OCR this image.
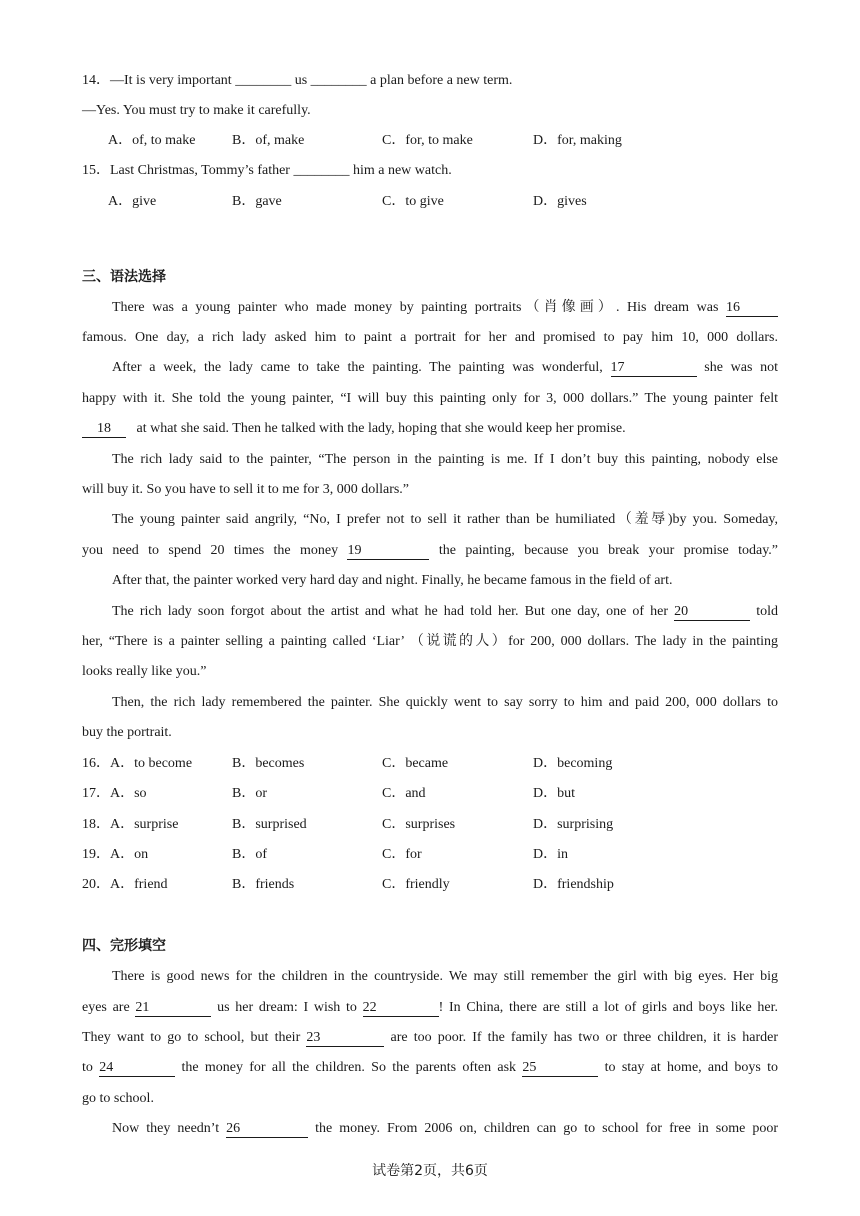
14．—It is very important ________ us ________ a plan before a new term.
—Yes. You must try to make it carefully.
A．of, to make	B．of, make	C．for, to make	D．for, making
15．Last Christmas, Tommy’s father ________ him a new watch.
A．give	B．gave	C．to give	D．gives
三、语法选择
There was a young painter who made money by painting portraits（肖像画）. His dream was 16
famous. One day, a rich lady asked him to paint a portrait for her and promised to pay him 10, 000 dollars.
After a week, the lady came to take the painting. The painting was wonderful, 17	she was not
happy with it. She told the young painter, “I will buy this painting only for 3, 000 dollars.” The young painter felt
18 at what she said. Then he talked with the lady, hoping that she would keep her promise.
The rich lady said to the painter, “The person in the painting is me. If I don’t buy this painting, nobody else
will buy it. So you have to sell it to me for 3, 000 dollars.”
The young painter said angrily, “No, I prefer not to sell it rather than be humiliated（羞辱)by you. Someday,
you need to spend 20 times the money 19	the painting, because you break your promise today.”
After that, the painter worked very hard day and night. Finally, he became famous in the field of art.
The rich lady soon forgot about the artist and what he had told her. But one day, one of her 20	told
her, “There is a painter selling a painting called ‘Liar’ （说谎的人）for 200, 000 dollars. The lady in the painting
looks really like you.”
Then, the rich lady remembered the painter. She quickly went to say sorry to him and paid 200, 000 dollars to
buy the portrait.
16．A．to become	B．becomes	C．became	D．becoming
17．A．so	B．or	C．and	D．but
18．A．surprise	B．surprised	C．surprises	D．surprising
19．A．on	B．of	C．for	D．in
20．A．friend	B．friends	C．friendly	D．friendship
四、完形填空
There is good news for the children in the countryside. We may still remember the girl with big eyes. Her big
eyes are 21	us her dream: I wish to 22	! In China, there are still a lot of girls and boys like her.
They want to go to school, but their 23	are too poor. If the family has two or three children, it is harder
to 24	the money for all the children. So the parents often ask 25	to stay at home, and boys to
go to school.
Now they needn’t 26	the money. From 2006 on, children can go to school for free in some poor
试卷第2页，共6页
